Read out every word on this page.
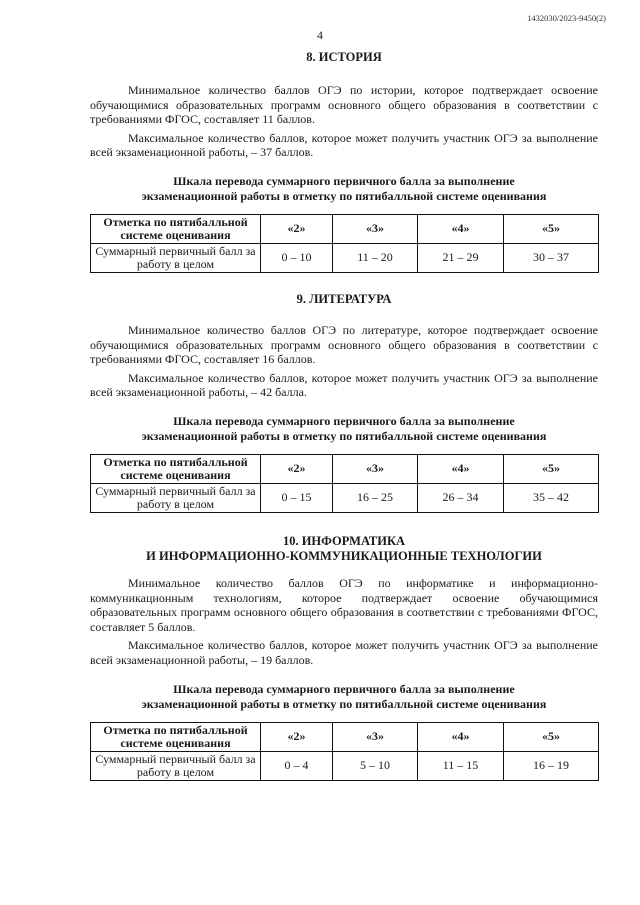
1432030/2023-9450(2)
4

8. ИСТОРИЯ

Минимальное количество баллов ОГЭ по истории, которое подтверждает освоение обучающимися образовательных программ основного общего образования в соответствии с требованиями ФГОС, составляет 11 баллов.

Максимальное количество баллов, которое может получить участник ОГЭ за выполнение всей экзаменационной работы, – 37 баллов.

Шкала перевода суммарного первичного балла за выполнение

экзаменационной работы в отметку по пятибалльной системе оценивания

Отметка по пятибалльной системе оценивания	«2»	«3»	«4»	«5»
Суммарный первичный балл за работу в целом	0 – 10	11 – 20	21 – 29	30 – 37

9. ЛИТЕРАТУРА

Минимальное количество баллов ОГЭ по литературе, которое подтверждает освоение обучающимися образовательных программ основного общего образования в соответствии с требованиями ФГОС, составляет 16 баллов.

Максимальное количество баллов, которое может получить участник ОГЭ за выполнение всей экзаменационной работы, – 42 балла.

Шкала перевода суммарного первичного балла за выполнение

экзаменационной работы в отметку по пятибалльной системе оценивания

Отметка по пятибалльной системе оценивания	«2»	«3»	«4»	«5»
Суммарный первичный балл за работу в целом	0 – 15	16 – 25	26 – 34	35 – 42

10. ИНФОРМАТИКА

И ИНФОРМАЦИОННО-КОММУНИКАЦИОННЫЕ ТЕХНОЛОГИИ

Минимальное количество баллов ОГЭ по информатике и информационно-коммуникационным технологиям, которое подтверждает освоение обучающимися образовательных программ основного общего образования в соответствии с требованиями ФГОС, составляет 5 баллов.

Максимальное количество баллов, которое может получить участник ОГЭ за выполнение всей экзаменационной работы, – 19 баллов.

Шкала перевода суммарного первичного балла за выполнение

экзаменационной работы в отметку по пятибалльной системе оценивания

Отметка по пятибалльной системе оценивания	«2»	«3»	«4»	«5»
Суммарный первичный балл за работу в целом	0 – 4	5 – 10	11 – 15	16 – 19
